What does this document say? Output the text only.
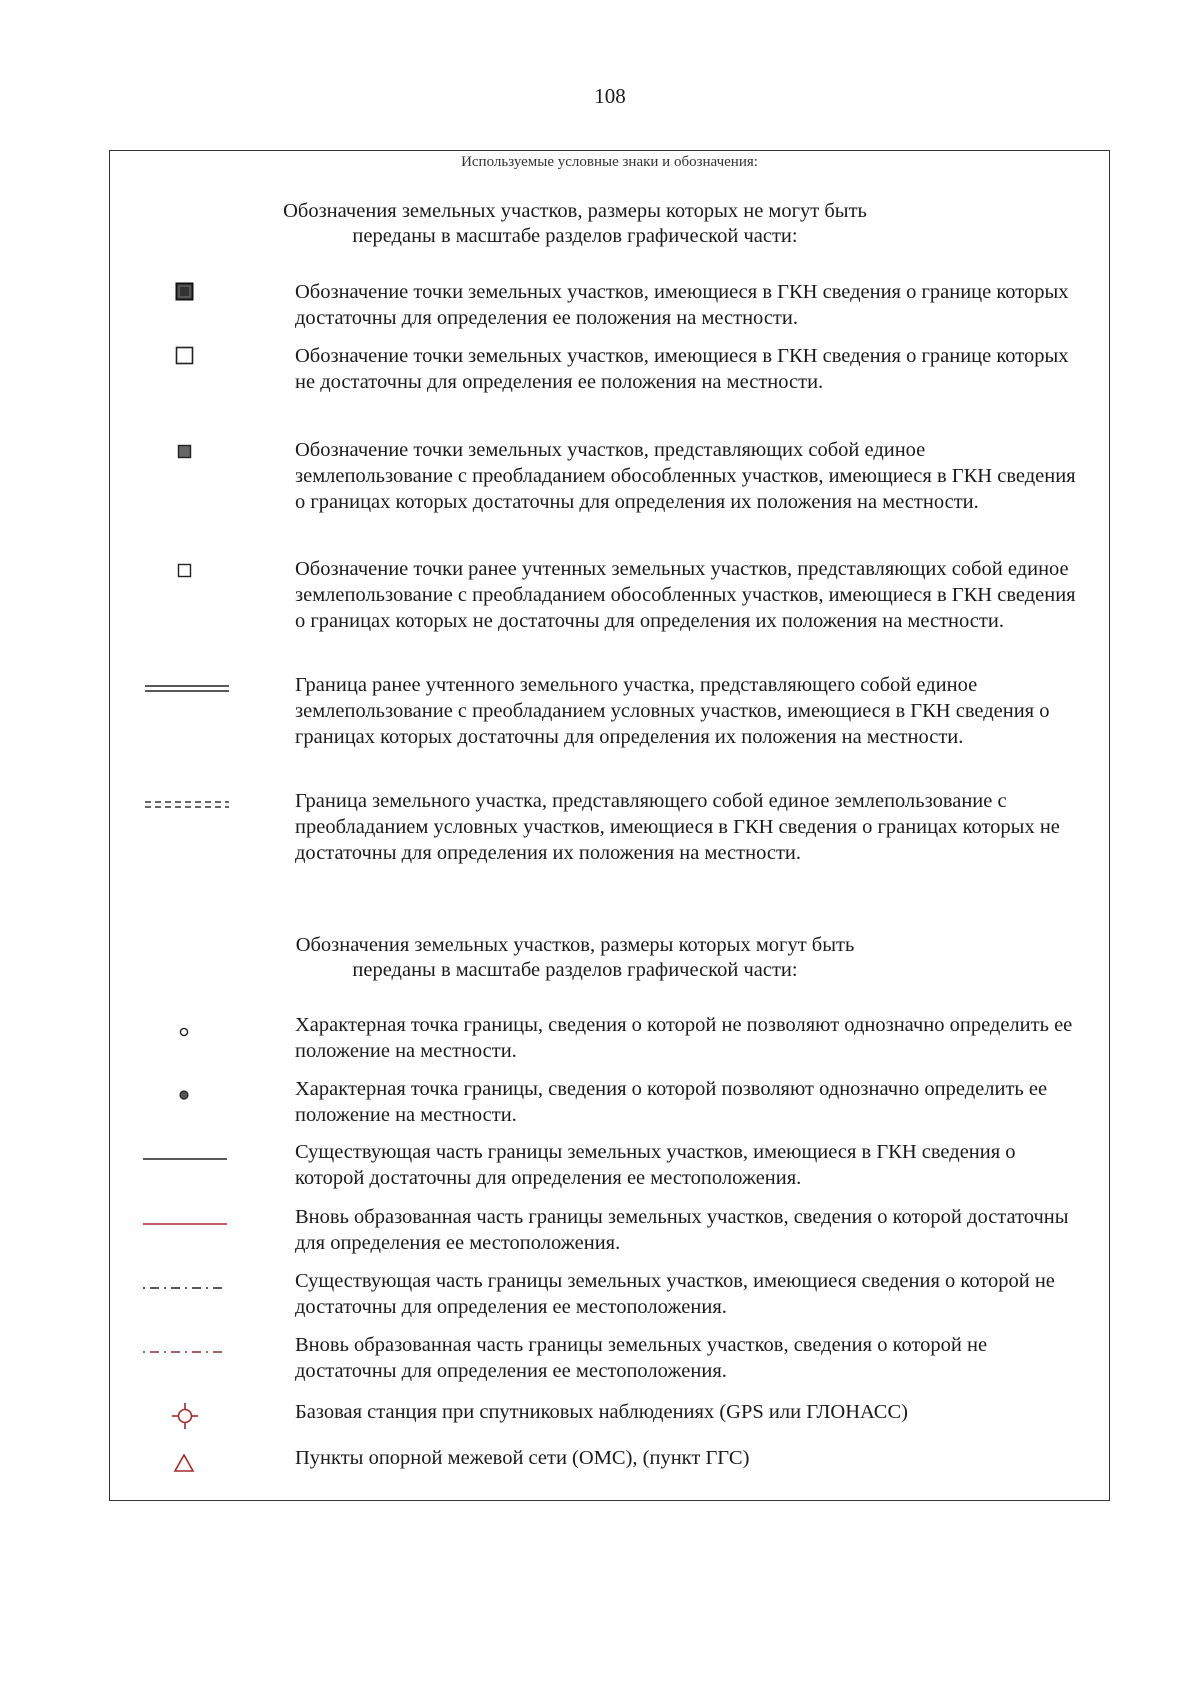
108
Используемые условные знаки и обозначения:
Обозначения земельных участков, размеры которых не могут быть
переданы в масштабе разделов графической части:
Обозначение точки земельных участков, имеющиеся в ГКН сведения о границе которых достаточны для определения ее положения на местности.
Обозначение точки земельных участков, имеющиеся в ГКН сведения о границе которых не достаточны для определения ее положения на местности.
Обозначение точки земельных участков, представляющих собой единое землепользование с преобладанием обособленных участков, имеющиеся в ГКН сведения о границах которых достаточны для определения их положения на местности.
Обозначение точки ранее учтенных земельных участков, представляющих собой единое землепользование с преобладанием обособленных участков, имеющиеся в ГКН сведения о границах которых не достаточны для определения их положения на местности.
Граница ранее учтенного земельного участка, представляющего собой единое землепользование с преобладанием условных участков, имеющиеся в ГКН сведения о границах которых достаточны для определения их положения на местности.
Граница земельного участка, представляющего собой единое землепользование с преобладанием условных участков, имеющиеся в ГКН сведения о границах которых не достаточны для определения их положения на местности.
Обозначения земельных участков, размеры которых могут быть
переданы в масштабе разделов графической части:
Характерная точка границы, сведения о которой не позволяют однозначно определить ее положение на местности.
Характерная точка границы, сведения о которой позволяют однозначно определить ее положение на местности.
Существующая часть границы земельных участков, имеющиеся в ГКН сведения о которой достаточны для определения ее местоположения.
Вновь образованная часть границы земельных участков, сведения о которой достаточны для определения ее местоположения.
Существующая часть границы земельных участков, имеющиеся сведения о которой не достаточны для определения ее местоположения.
Вновь образованная часть границы земельных участков, сведения о которой не достаточны для определения ее местоположения.
Базовая станция при спутниковых наблюдениях (GPS или ГЛОНАСС)
Пункты опорной межевой сети (ОМС), (пункт ГГС)
